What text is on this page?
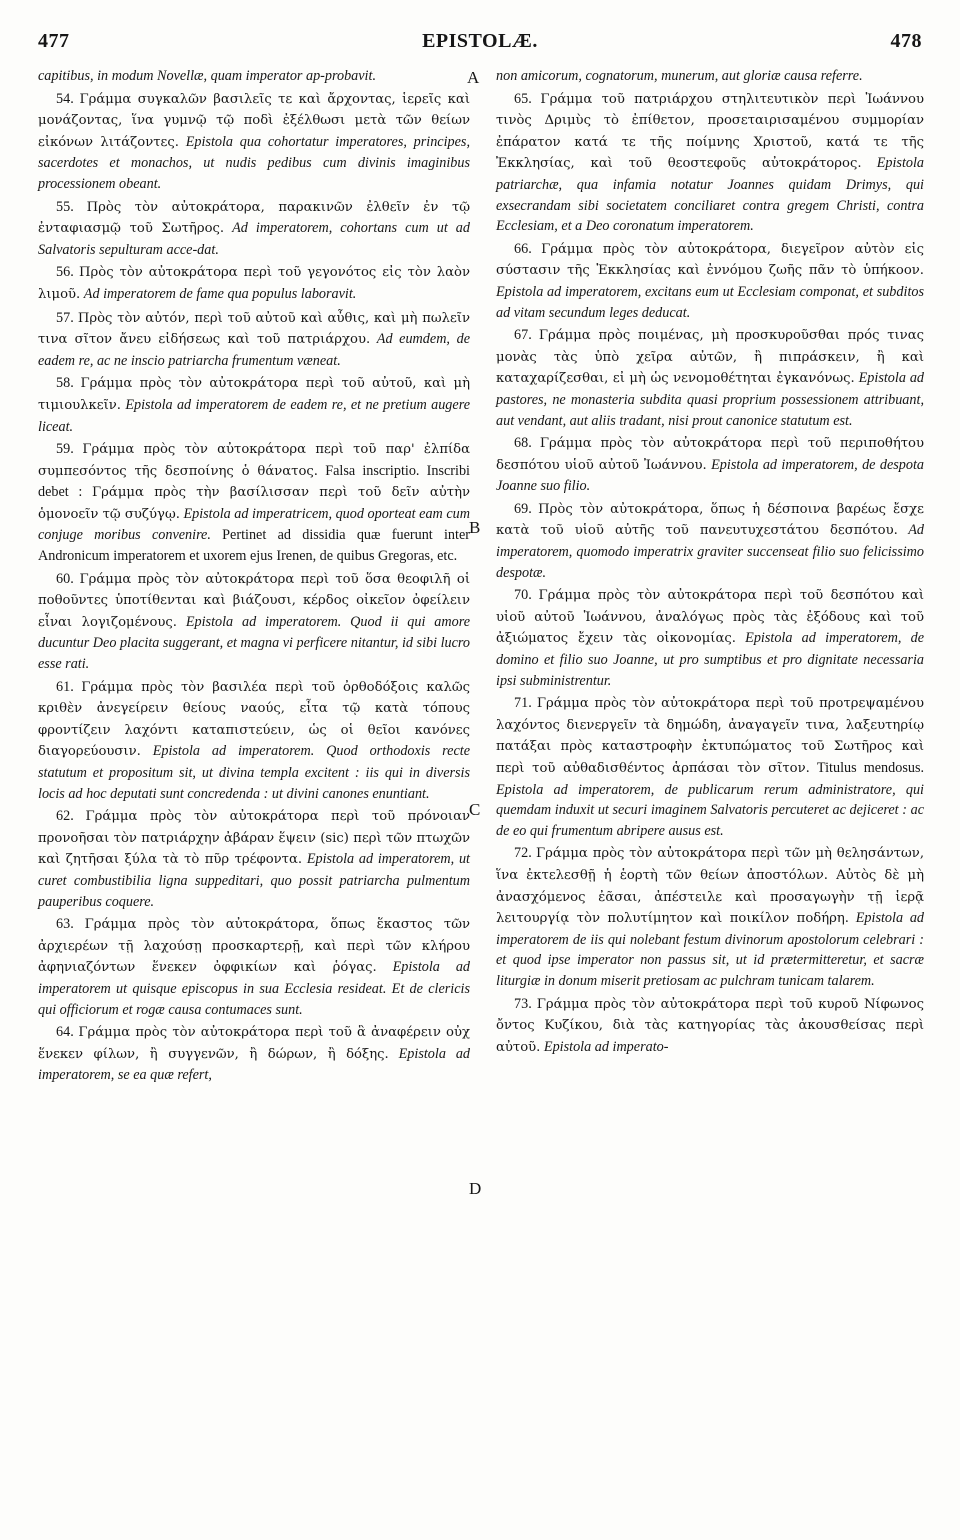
477	EPISTOLÆ.	478

capitibus, in modum Novellæ, quam imperator ap-probavit.

54. Γράμμα συγκαλῶν βασιλεῖς τε καὶ ἄρχοντας, ἱερεῖς καὶ μονάζοντας, ἵνα γυμνῷ τῷ ποδὶ ἐξέλθωσι μετὰ τῶν θείων εἰκόνων λιτάζοντες. Epistola qua cohortatur imperatores, principes, sacerdotes et monachos, ut nudis pedibus cum divinis imaginibus processionem obeant.

55. Πρὸς τὸν αὐτοκράτορα, παρακινῶν ἐλθεῖν ἐν τῷ ἐνταφιασμῷ τοῦ Σωτῆρος. Ad imperatorem, cohortans cum ut ad Salvatoris sepulturam acce-dat.

56. Πρὸς τὸν αὐτοκράτορα περὶ τοῦ γεγονότος εἰς τὸν λαὸν λιμοῦ. Ad imperatorem de fame qua populus laboravit.

57. Πρὸς τὸν αὐτόν, περὶ τοῦ αὐτοῦ καὶ αὖθις, καὶ μὴ πωλεῖν τινα σῖτον ἄνευ εἰδήσεως καὶ τοῦ πατριάρχου. Ad eumdem, de eadem re, ac ne inscio patriarcha frumentum væneat.

58. Γράμμα πρὸς τὸν αὐτοκράτορα περὶ τοῦ αὐτοῦ, καὶ μὴ τιμιουλκεῖν. Epistola ad imperatorem de eadem re, et ne pretium augere liceat.

59. Γράμμα πρὸς τὸν αὐτοκράτορα περὶ τοῦ παρ' ἐλπίδα συμπεσόντος τῆς δεσποίνης ὁ θάνατος. Falsa inscriptio. Inscribi debet : Γράμμα πρὸς τὴν βασίλισσαν περὶ τοῦ δεῖν αὐτὴν ὁμονοεῖν τῷ συζύγῳ. Epistola ad imperatricem, quod oporteat eam cum conjuge moribus convenire. Pertinet ad dissidia quæ fuerunt inter Andronicum imperatorem et uxorem ejus Irenen, de quibus Gregoras, etc.

60. Γράμμα πρὸς τὸν αὐτοκράτορα περὶ τοῦ ὅσα θεοφιλῆ οἱ ποθοῦντες ὑποτίθενται καὶ βιάζουσι, κέρδος οἰκεῖον ὀφείλειν εἶναι λογιζομένους. Epistola ad imperatorem. Quod ii qui amore ducuntur Deo placita suggerant, et magna vi perficere nitantur, id sibi lucro esse rati.

61. Γράμμα πρὸς τὸν βασιλέα περὶ τοῦ ὀρθοδόξοις καλῶς κριθὲν ἀνεγείρειν θείους ναούς, εἶτα τῷ κατὰ τόπους φροντίζειν λαχόντι καταπιστεύειν, ὡς οἱ θεῖοι κανόνες διαγορεύουσιν. Epistola ad imperatorem. Quod orthodoxis recte statutum et propositum sit, ut divina templa excitent : iis qui in diversis locis ad hoc deputati sunt concredenda : ut divini canones enuntiant.

62. Γράμμα πρὸς τὸν αὐτοκράτορα περὶ τοῦ πρόνοιαν προνοῆσαι τὸν πατριάρχην ἀβάραν ἕψειν (sic) περὶ τῶν πτωχῶν καὶ ζητῆσαι ξύλα τὰ τὸ πῦρ τρέφοντα. Epistola ad imperatorem, ut curet combustibilia ligna suppeditari, quo possit patriarcha pulmentum pauperibus coquere.

63. Γράμμα πρὸς τὸν αὐτοκράτορα, ὅπως ἕκαστος τῶν ἀρχιερέων τῇ λαχούσῃ προσκαρτερῇ, καὶ περὶ τῶν κλήρου ἀφηνιαζόντων ἕνεκεν ὀφφικίων καὶ ῥόγας. Epistola ad imperatorem ut quisque episcopus in sua Ecclesia resideat. Et de clericis qui officiorum et rogæ causa contumaces sunt.

64. Γράμμα πρὸς τὸν αὐτοκράτορα περὶ τοῦ ἃ ἀναφέρειν οὐχ ἕνεκεν φίλων, ἢ συγγενῶν, ἢ δώρων, ἢ δόξης. Epistola ad imperatorem, se ea quæ refert,

non amicorum, cognatorum, munerum, aut gloriæ causa referre.

65. Γράμμα τοῦ πατριάρχου στηλιτευτικὸν περὶ Ἰωάννου τινὸς Δριμὺς τὸ ἐπίθετον, προσεταιρισαμένου συμμορίαν ἐπάρατον κατά τε τῆς ποίμνης Χριστοῦ, κατά τε τῆς Ἐκκλησίας, καὶ τοῦ θεοστεφοῦς αὐτοκράτορος. Epistola patriarchæ, qua infamia notatur Joannes quidam Drimys, qui exsecrandam sibi societatem conciliaret contra gregem Christi, contra Ecclesiam, et a Deo coronatum imperatorem.

66. Γράμμα πρὸς τὸν αὐτοκράτορα, διεγεῖρον αὐτὸν εἰς σύστασιν τῆς Ἐκκλησίας καὶ ἐννόμου ζωῆς πᾶν τὸ ὑπήκοον. Epistola ad imperatorem, excitans eum ut Ecclesiam componat, et subditos ad vitam secundum leges deducat.

67. Γράμμα πρὸς ποιμένας, μὴ προσκυροῦσθαι πρός τινας μονὰς τὰς ὑπὸ χεῖρα αὐτῶν, ἢ πιπράσκειν, ἢ καὶ καταχαρίζεσθαι, εἰ μὴ ὡς νενομοθέτηται ἐγκανόνως. Epistola ad pastores, ne monasteria subdita quasi proprium possessionem attribuant, aut vendant, aut aliis tradant, nisi prout canonice statutum est.

68. Γράμμα πρὸς τὸν αὐτοκράτορα περὶ τοῦ περιποθήτου δεσπότου υἱοῦ αὐτοῦ Ἰωάννου. Epistola ad imperatorem, de despota Joanne suo filio.

69. Πρὸς τὸν αὐτοκράτορα, ὅπως ἡ δέσποινα βαρέως ἔσχε κατὰ τοῦ υἱοῦ αὐτῆς τοῦ πανευτυχεστάτου δεσπότου. Ad imperatorem, quomodo imperatrix graviter succenseat filio suo felicissimo despotæ.

70. Γράμμα πρὸς τὸν αὐτοκράτορα περὶ τοῦ δεσπότου καὶ υἱοῦ αὐτοῦ Ἰωάννου, ἀναλόγως πρὸς τὰς ἐξόδους καὶ τοῦ ἀξιώματος ἔχειν τὰς οἰκονομίας. Epistola ad imperatorem, de domino et filio suo Joanne, ut pro sumptibus et pro dignitate necessaria ipsi subministrentur.

71. Γράμμα πρὸς τὸν αὐτοκράτορα περὶ τοῦ προτρεψαμένου λαχόντος διενεργεῖν τὰ δημώδη, ἀναγαγεῖν τινα, λαξευτηρίῳ πατάξαι πρὸς καταστροφὴν ἐκτυπώματος τοῦ Σωτῆρος καὶ περὶ τοῦ αὐθαδισθέντος ἁρπάσαι τὸν σῖτον. Titulus mendosus. Epistola ad imperatorem, de publicarum rerum administratore, qui quemdam induxit ut securi imaginem Salvatoris percuteret ac dejiceret : ac de eo qui frumentum abripere ausus est.

72. Γράμμα πρὸς τὸν αὐτοκράτορα περὶ τῶν μὴ θελησάντων, ἵνα ἐκτελεσθῇ ἡ ἑορτὴ τῶν θείων ἀποστόλων. Αὐτὸς δὲ μὴ ἀνασχόμενος ἐᾶσαι, ἀπέστειλε καὶ προσαγωγὴν τῇ ἱερᾷ λειτουργίᾳ τὸν πολυτίμητον καὶ ποικίλον ποδήρη. Epistola ad imperatorem de iis qui nolebant festum divinorum apostolorum celebrari : et quod ipse imperator non passus sit, ut id prætermitteretur, et sacræ liturgiæ in donum miserit pretiosam ac pulchram tunicam talarem.

73. Γράμμα πρὸς τὸν αὐτοκράτορα περὶ τοῦ κυροῦ Νίφωνος ὄντος Κυζίκου, διὰ τὰς κατηγορίας τὰς ἀκουσθείσας περὶ αὐτοῦ. Epistola ad imperato-

A
B
C
D
